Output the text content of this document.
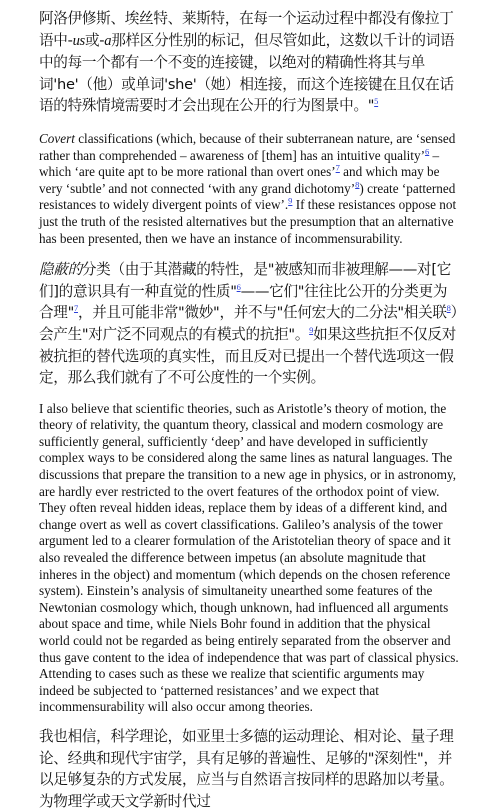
阿洛伊修斯、埃丝特、莱斯特，在每一个运动过程中都没有像拉丁语中-us或-a那样区分性别的标记，但尽管如此，这数以千计的词语中的每一个都有一个不变的连接键，以绝对的精确性将其与单词'he'（他）或单词'she'（她）相连接，而这个连接键在且仅在话语的特殊情境需要时才会出现在公开的行为图景中。"$^5$

Covert classifications (which, because of their subterranean nature, are ‘sensed rather than comprehended – awareness of [them] has an intuitive quality’$^6$ – which ‘are quite apt to be more rational than overt ones’$^7$ and which may be very ‘subtle’ and not connected ‘with any grand dichotomy’$^8$) create ‘patterned resistances to widely divergent points of view’.$^9$ If these resistances oppose not just the truth of the resisted alternatives but the presumption that an alternative has been presented, then we have an instance of incommensurability.

隐蔽的分类（由于其潜藏的特性，是"被感知而非被理解——对[它们]的意识具有一种直觉的性质"$^6$——它们"往往比公开的分类更为合理"$^7$，并且可能非常"微妙"，并不与"任何宏大的二分法"相关联$^8$）会产生"对广泛不同观点的有模式的抗拒"。$^9$如果这些抗拒不仅反对被抗拒的替代选项的真实性，而且反对已提出一个替代选项这一假定，那么我们就有了不可公度性的一个实例。

I also believe that scientific theories, such as Aristotle’s theory of motion, the theory of relativity, the quantum theory, classical and modern cosmology are sufficiently general, sufficiently ‘deep’ and have developed in sufficiently complex ways to be considered along the same lines as natural languages. The discussions that prepare the transition to a new age in physics, or in astronomy, are hardly ever restricted to the overt features of the orthodox point of view. They often reveal hidden ideas, replace them by ideas of a different kind, and change overt as well as covert classifications. Galileo’s analysis of the tower argument led to a clearer formulation of the Aristotelian theory of space and it also revealed the difference between impetus (an absolute magnitude that inheres in the object) and momentum (which depends on the chosen reference system). Einstein’s analysis of simultaneity unearthed some features of the Newtonian cosmology which, though unknown, had influenced all arguments about space and time, while Niels Bohr found in addition that the physical world could not be regarded as being entirely separated from the observer and thus gave content to the idea of independence that was part of classical physics. Attending to cases such as these we realize that scientific arguments may indeed be subjected to ‘patterned resistances’ and we expect that incommensurability will also occur among theories.

我也相信，科学理论，如亚里士多德的运动理论、相对论、量子理论、经典和现代宇宙学，具有足够的普遍性、足够的"深刻性"，并以足够复杂的方式发展，应当与自然语言按同样的思路加以考量。为物理学或天文学新时代过
